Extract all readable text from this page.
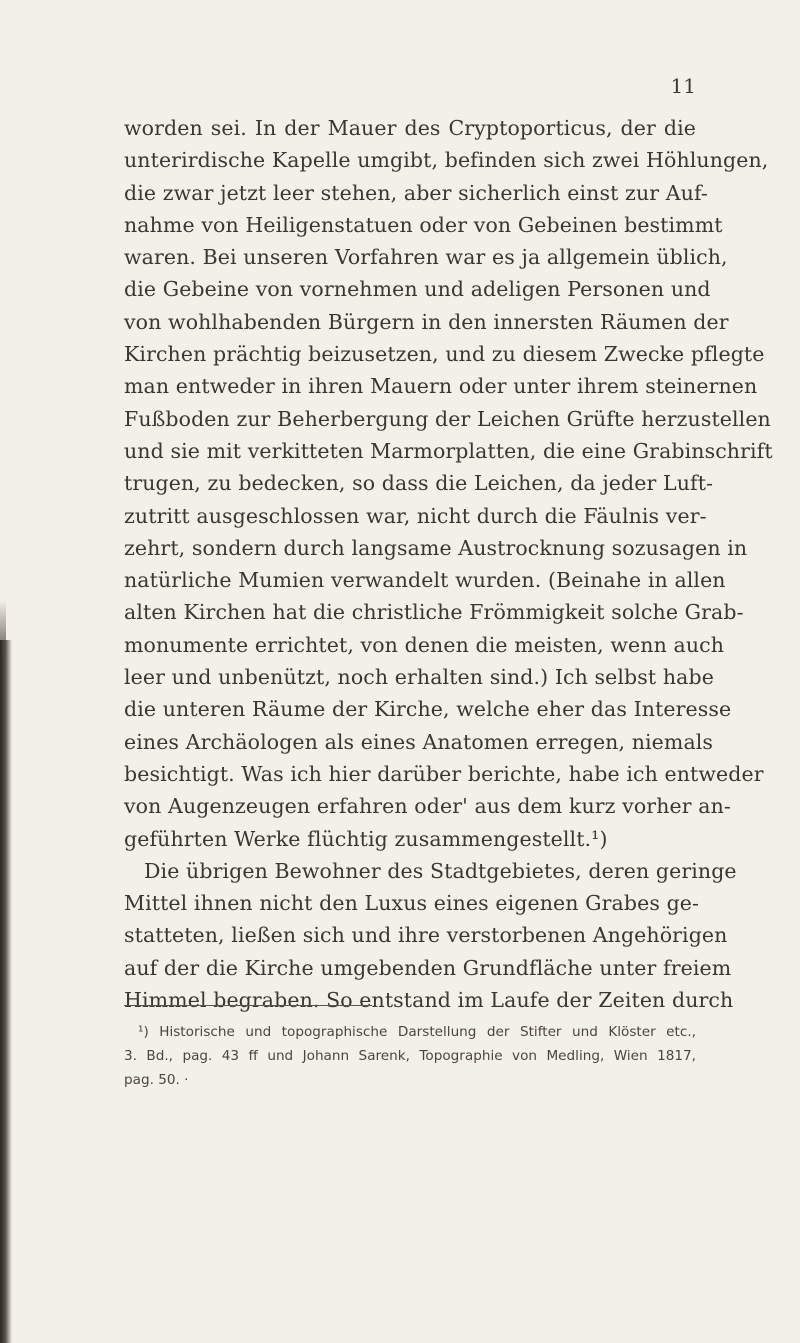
11
worden sei. In der Mauer des Cryptoporticus, der die
unterirdische Kapelle umgibt, befinden sich zwei Höhlungen,
die zwar jetzt leer stehen, aber sicherlich einst zur Auf-
nahme von Heiligenstatuen oder von Gebeinen bestimmt
waren. Bei unseren Vorfahren war es ja allgemein üblich,
die Gebeine von vornehmen und adeligen Personen und
von wohlhabenden Bürgern in den innersten Räumen der
Kirchen prächtig beizusetzen, und zu diesem Zwecke pflegte
man entweder in ihren Mauern oder unter ihrem steinernen
Fußboden zur Beherbergung der Leichen Grüfte herzustellen
und sie mit verkitteten Marmorplatten, die eine Grabinschrift
trugen, zu bedecken, so dass die Leichen, da jeder Luft-
zutritt ausgeschlossen war, nicht durch die Fäulnis ver-
zehrt, sondern durch langsame Austrocknung sozusagen in
natürliche Mumien verwandelt wurden. (Beinahe in allen
alten Kirchen hat die christliche Frömmigkeit solche Grab-
monumente errichtet, von denen die meisten, wenn auch
leer und unbenützt, noch erhalten sind.) Ich selbst habe
die unteren Räume der Kirche, welche eher das Interesse
eines Archäologen als eines Anatomen erregen, niemals
besichtigt. Was ich hier darüber berichte, habe ich entweder
von Augenzeugen erfahren oder' aus dem kurz vorher an-
geführten Werke flüchtig zusammengestellt.¹)
Die übrigen Bewohner des Stadtgebietes, deren geringe
Mittel ihnen nicht den Luxus eines eigenen Grabes ge-
statteten, ließen sich und ihre verstorbenen Angehörigen
auf der die Kirche umgebenden Grundfläche unter freiem
Himmel begraben. So entstand im Laufe der Zeiten durch
¹) Historische und topographische Darstellung der Stifter und Klöster etc.,
3. Bd., pag. 43 ff und Johann Sarenk, Topographie von Medling, Wien 1817,
pag. 50. ·
